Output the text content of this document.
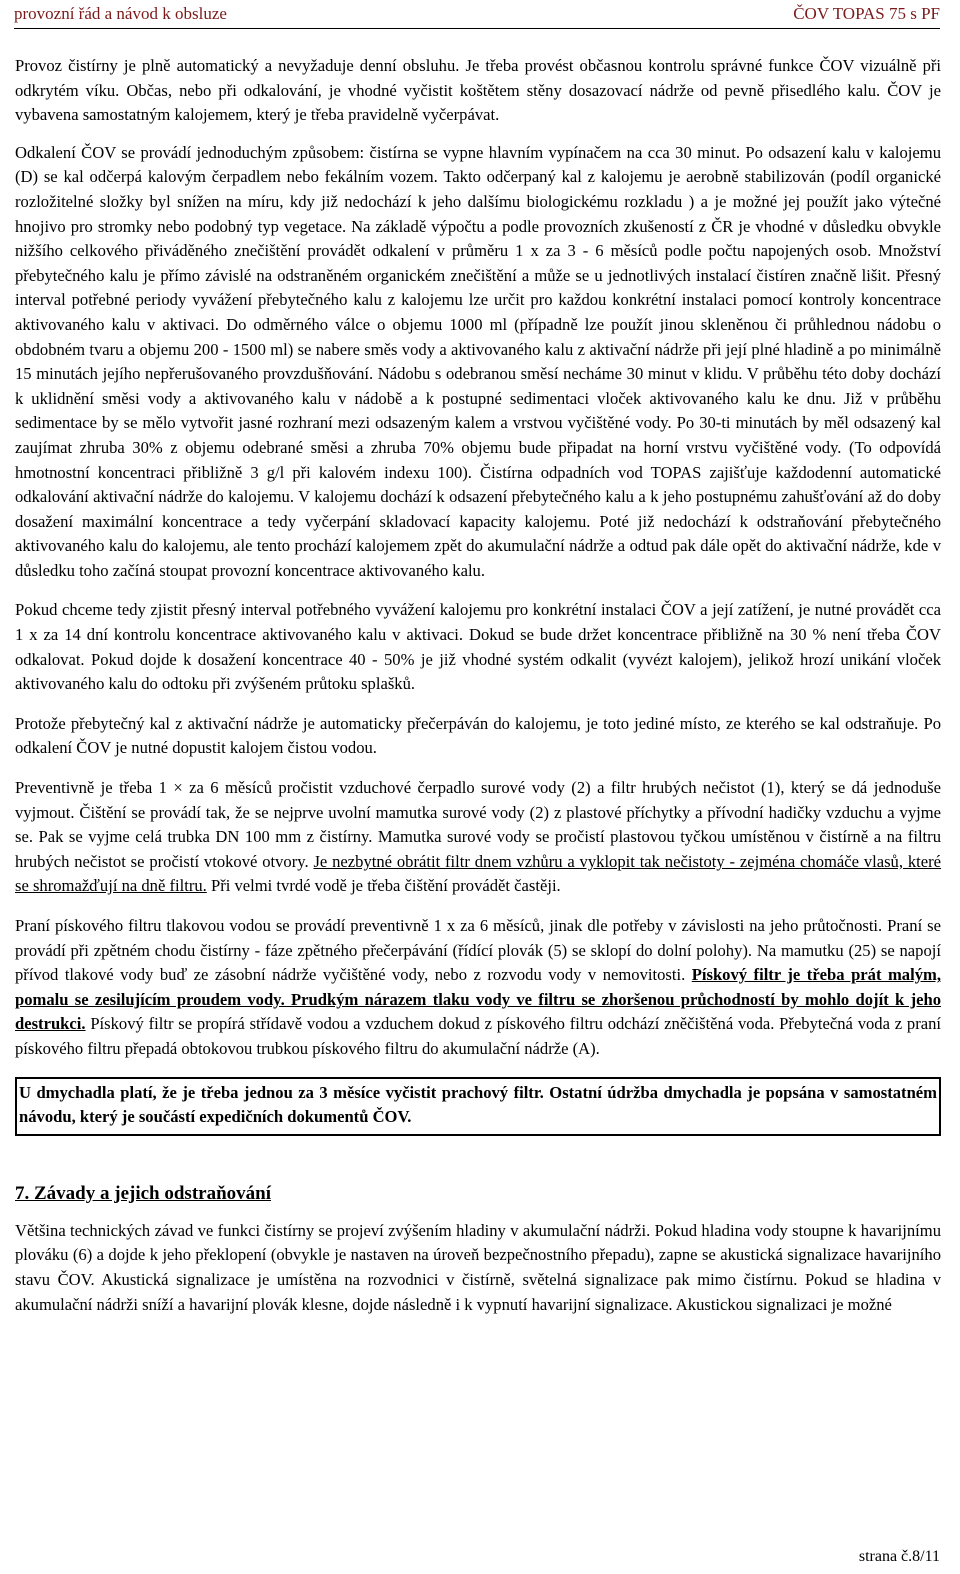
provozní řád a návod k obsluze	ČOV TOPAS 75 s PF

Provoz čistírny je plně automatický a nevyžaduje denní obsluhu. Je třeba provést občasnou kontrolu správné funkce ČOV vizuálně při odkrytém víku. Občas, nebo při odkalování, je vhodné vyčistit koštětem stěny dosazovací nádrže od pevně přisedlého kalu. ČOV je vybavena samostatným kalojemem, který je třeba pravidelně vyčerpávat.

Odkalení ČOV se provádí jednoduchým způsobem: čistírna se vypne hlavním vypínačem na cca 30 minut. Po odsazení kalu v kalojemu (D) se kal odčerpá kalovým čerpadlem nebo fekálním vozem. Takto odčerpaný kal z kalojemu je aerobně stabilizován (podíl organické rozložitelné složky byl snížen na míru, kdy již nedochází k jeho dalšímu biologickému rozkladu ) a je možné jej použít jako výtečné hnojivo pro stromky nebo podobný typ vegetace. Na základě výpočtu a podle provozních zkušeností z ČR je vhodné v důsledku obvykle nižšího celkového přiváděného znečištění provádět odkalení v průměru 1 x za 3 - 6 měsíců podle počtu napojených osob. Množství přebytečného kalu je přímo závislé na odstraněném organickém znečištění a může se u jednotlivých instalací čistíren značně lišit. Přesný interval potřebné periody vyvážení přebytečného kalu z kalojemu lze určit pro každou konkrétní instalaci pomocí kontroly koncentrace aktivovaného kalu v aktivaci. Do odměrného válce o objemu 1000 ml (případně lze použít jinou skleněnou či průhlednou nádobu o obdobném tvaru a objemu 200 - 1500 ml) se nabere směs vody a aktivovaného kalu z aktivační nádrže při její plné hladině a po minimálně 15 minutách jejího nepřerušovaného provzdušňování. Nádobu s odebranou směsí necháme 30 minut v klidu. V průběhu této doby dochází k uklidnění směsi vody a aktivovaného kalu v nádobě a k postupné sedimentaci vloček aktivovaného kalu ke dnu. Již v průběhu sedimentace by se mělo vytvořit jasné rozhraní mezi odsazeným kalem a vrstvou vyčištěné vody. Po 30-ti minutách by měl odsazený kal zaujímat zhruba 30% z objemu odebrané směsi a zhruba 70% objemu bude připadat na horní vrstvu vyčištěné vody. (To odpovídá hmotnostní koncentraci přibližně 3 g/l při kalovém indexu 100). Čistírna odpadních vod TOPAS zajišťuje každodenní automatické odkalování aktivační nádrže do kalojemu. V kalojemu dochází k odsazení přebytečného kalu a k jeho postupnému zahušťování až do doby dosažení maximální koncentrace a tedy vyčerpání skladovací kapacity kalojemu. Poté již nedochází k odstraňování přebytečného aktivovaného kalu do kalojemu, ale tento prochází kalojemem zpět do akumulační nádrže a odtud pak dále opět do aktivační nádrže, kde v důsledku toho začíná stoupat provozní koncentrace aktivovaného kalu.

Pokud chceme tedy zjistit přesný interval potřebného vyvážení kalojemu pro konkrétní instalaci ČOV a její zatížení, je nutné provádět cca 1 x za 14 dní kontrolu koncentrace aktivovaného kalu v aktivaci. Dokud se bude držet koncentrace přibližně na 30 % není třeba ČOV odkalovat. Pokud dojde k dosažení koncentrace 40 - 50% je již vhodné systém odkalit (vyvézt kalojem), jelikož hrozí unikání vloček aktivovaného kalu do odtoku při zvýšeném průtoku splašků.

Protože přebytečný kal z aktivační nádrže je automaticky přečerpáván do kalojemu, je toto jediné místo, ze kterého se kal odstraňuje. Po odkalení ČOV je nutné dopustit kalojem čistou vodou.

Preventivně je třeba 1 × za 6 měsíců pročistit vzduchové čerpadlo surové vody (2) a filtr hrubých nečistot (1), který se dá jednoduše vyjmout. Čištění se provádí tak, že se nejprve uvolní mamutka surové vody (2) z plastové příchytky a přívodní hadičky vzduchu a vyjme se. Pak se vyjme celá trubka DN 100 mm z čistírny. Mamutka surové vody se pročistí plastovou tyčkou umístěnou v čistírně a na filtru hrubých nečistot se pročistí vtokové otvory. Je nezbytné obrátit filtr dnem vzhůru a vyklopit tak nečistoty - zejména chomáče vlasů, které se shromažďují na dně filtru. Při velmi tvrdé vodě je třeba čištění provádět častěji.

Praní pískového filtru tlakovou vodou se provádí preventivně 1 x za 6 měsíců, jinak dle potřeby v závislosti na jeho průtočnosti. Praní se provádí při zpětném chodu čistírny - fáze zpětného přečerpávání (řídící plovák (5) se sklopí do dolní polohy). Na mamutku (25) se napojí přívod tlakové vody buď ze zásobní nádrže vyčištěné vody, nebo z rozvodu vody v nemovitosti. Pískový filtr je třeba prát malým, pomalu se zesilujícím proudem vody. Prudkým nárazem tlaku vody ve filtru se zhoršenou průchodností by mohlo dojít k jeho destrukci. Pískový filtr se propírá střídavě vodou a vzduchem dokud z pískového filtru odchází zněčištěná voda. Přebytečná voda z praní pískového filtru přepadá obtokovou trubkou pískového filtru do akumulační nádrže (A).

U dmychadla platí, že je třeba jednou za 3 měsíce vyčistit prachový filtr. Ostatní údržba dmychadla je popsána v samostatném návodu, který je součástí expedičních dokumentů ČOV.
7. Závady a jejich odstraňování

Většina technických závad ve funkci čistírny se projeví zvýšením hladiny v akumulační nádrži. Pokud hladina vody stoupne k havarijnímu plováku (6) a dojde k jeho překlopení (obvykle je nastaven na úroveň bezpečnostního přepadu), zapne se akustická signalizace havarijního stavu ČOV. Akustická signalizace je umístěna na rozvodnici v čistírně, světelná signalizace pak mimo čistírnu. Pokud se hladina v akumulační nádrži sníží a havarijní plovák klesne, dojde následně i k vypnutí havarijní signalizace. Akustickou signalizaci je možné

strana č.8/11
